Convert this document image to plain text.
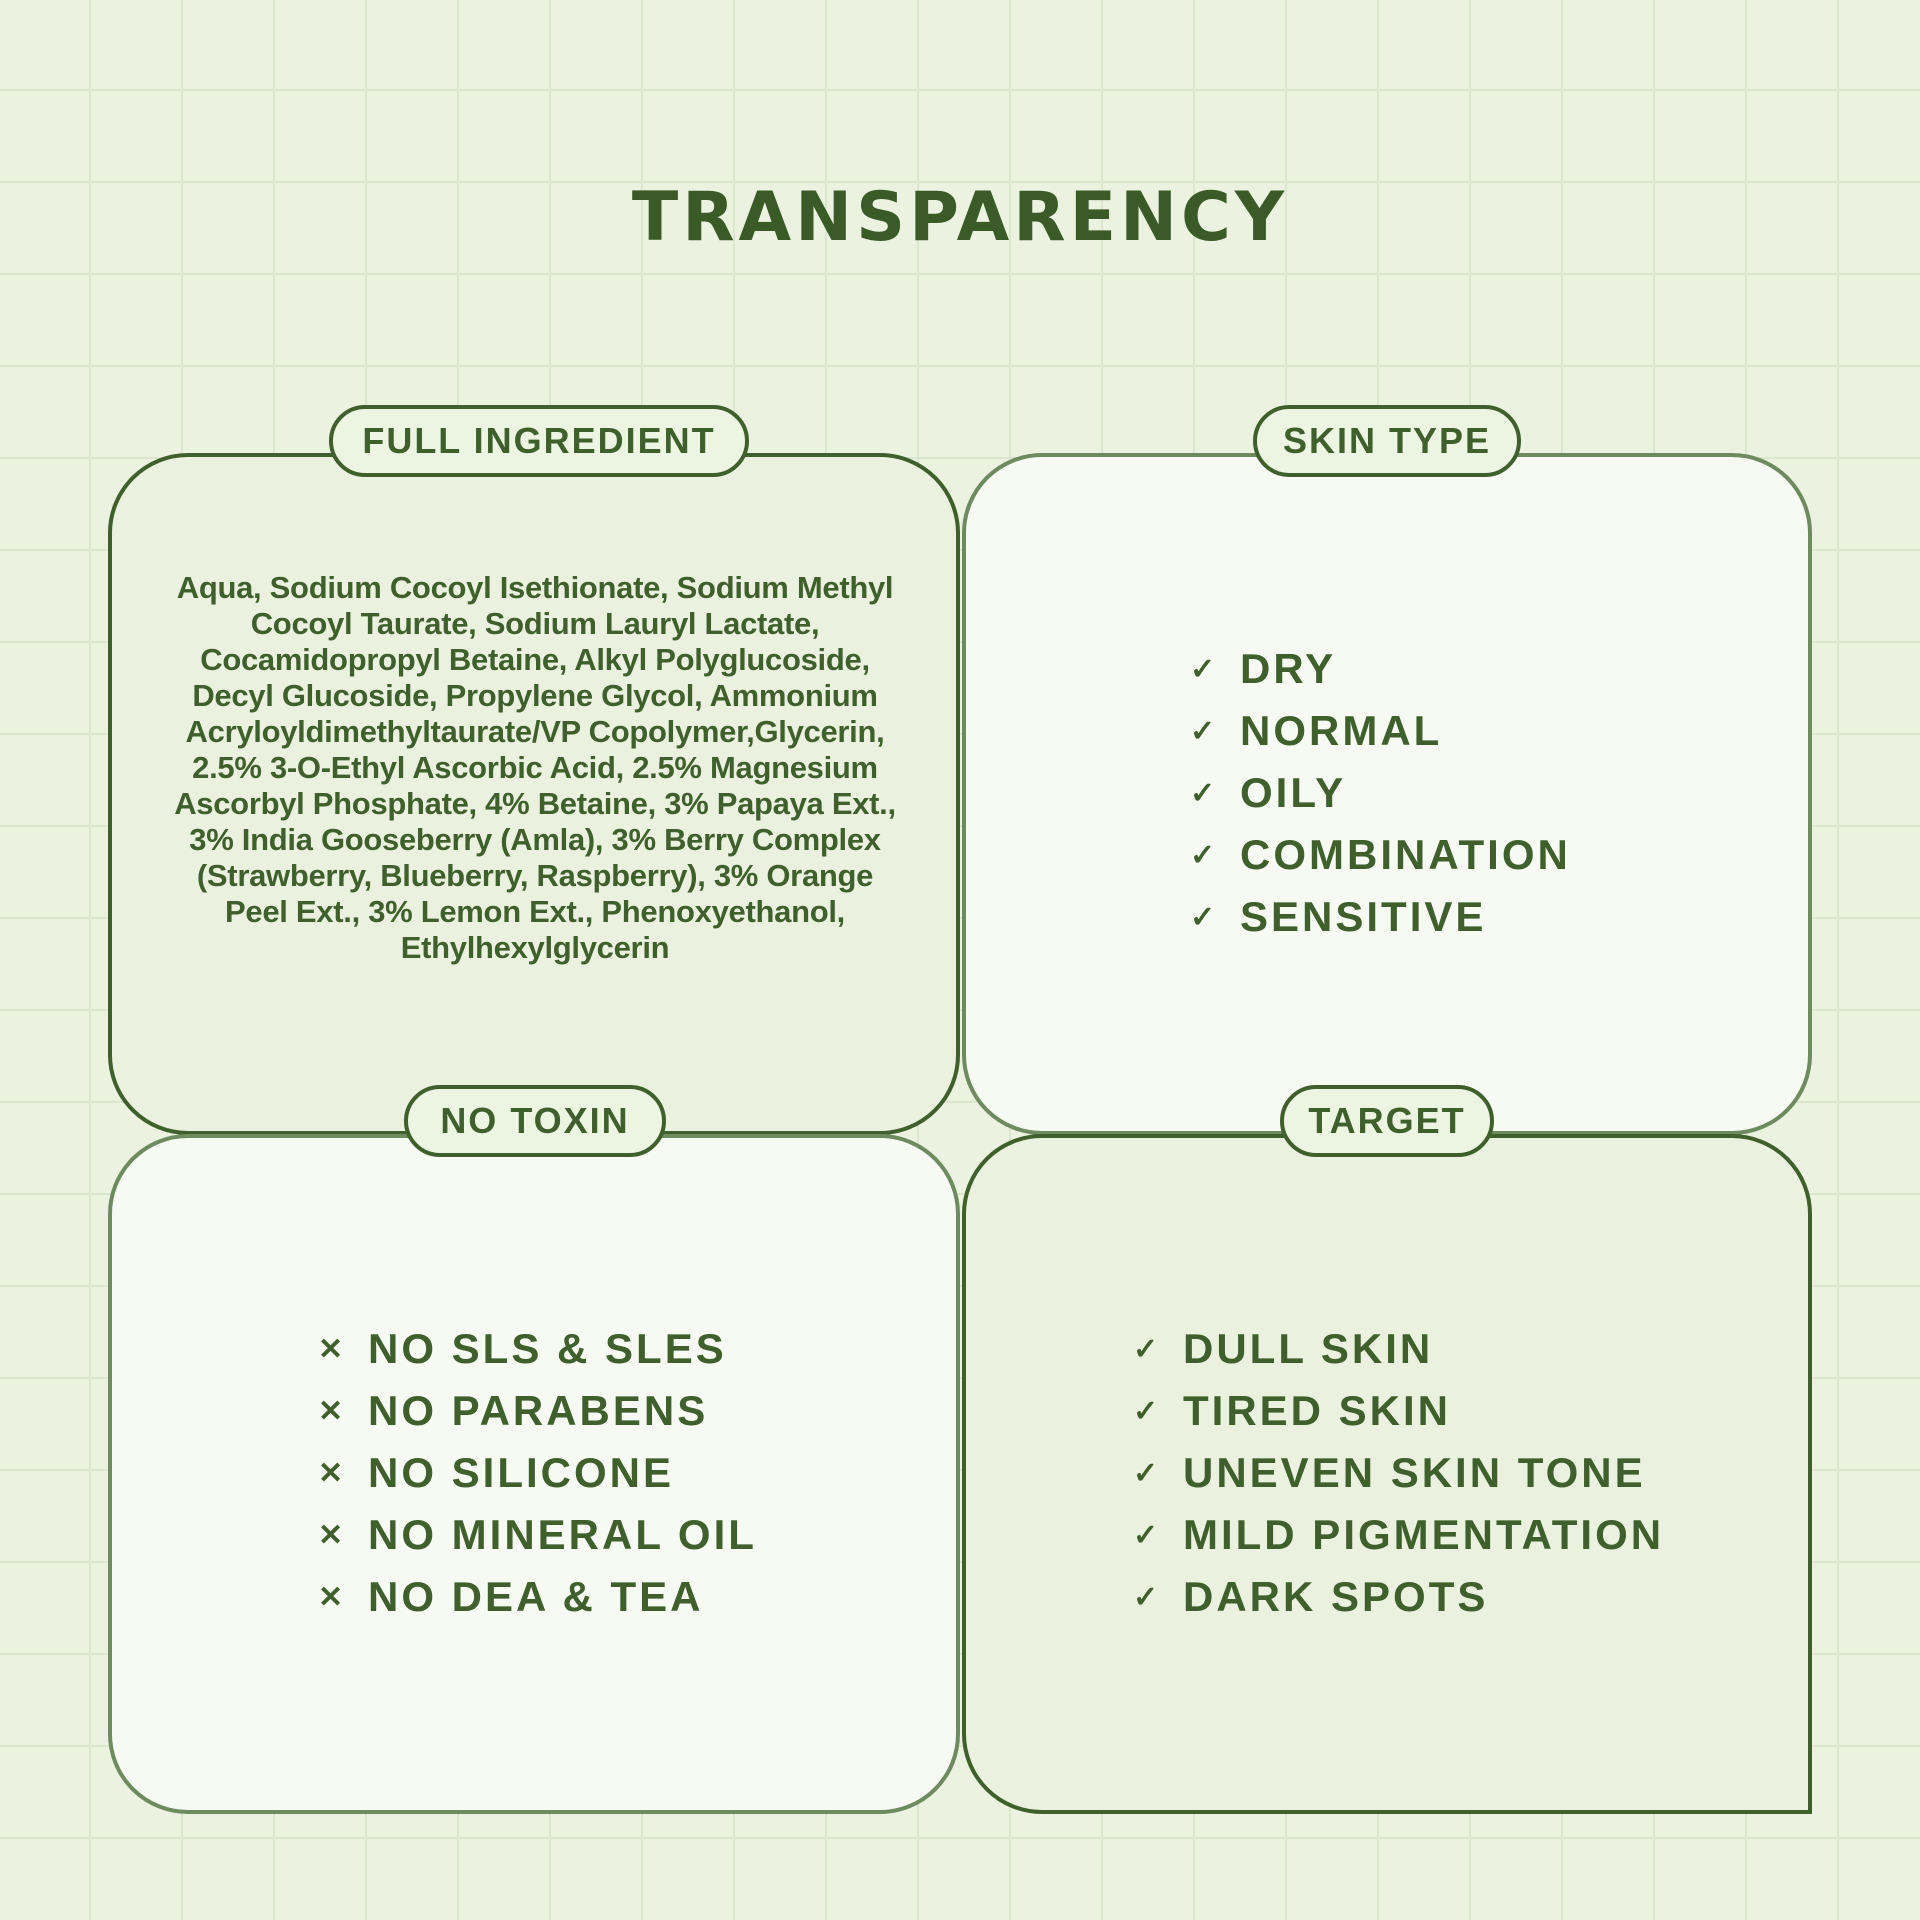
TRANSPARENCY
FULL INGREDIENT	SKIN TYPE
NO TOXIN	TARGET
Aqua, Sodium Cocoyl Isethionate, Sodium Methyl Cocoyl Taurate, Sodium Lauryl Lactate, Cocamidopropyl Betaine, Alkyl Polyglucoside, Decyl Glucoside, Propylene Glycol, Ammonium Acryloyldimethyltaurate/VP Copolymer,Glycerin, 2.5% 3-O-Ethyl Ascorbic Acid, 2.5% Magnesium Ascorbyl Phosphate, 4% Betaine, 3% Papaya Ext., 3% India Gooseberry (Amla), 3% Berry Complex (Strawberry, Blueberry, Raspberry), 3% Orange Peel Ext., 3% Lemon Ext., Phenoxyethanol, Ethylhexylglycerin
✓ DRY
✓ NORMAL
✓ OILY
✓ COMBINATION
✓ SENSITIVE
✕ NO SLS & SLES
✕ NO PARABENS
✕ NO SILICONE
✕ NO MINERAL OIL
✕ NO DEA & TEA
✓ DULL SKIN
✓ TIRED SKIN
✓ UNEVEN SKIN TONE
✓ MILD PIGMENTATION
✓ DARK SPOTS
